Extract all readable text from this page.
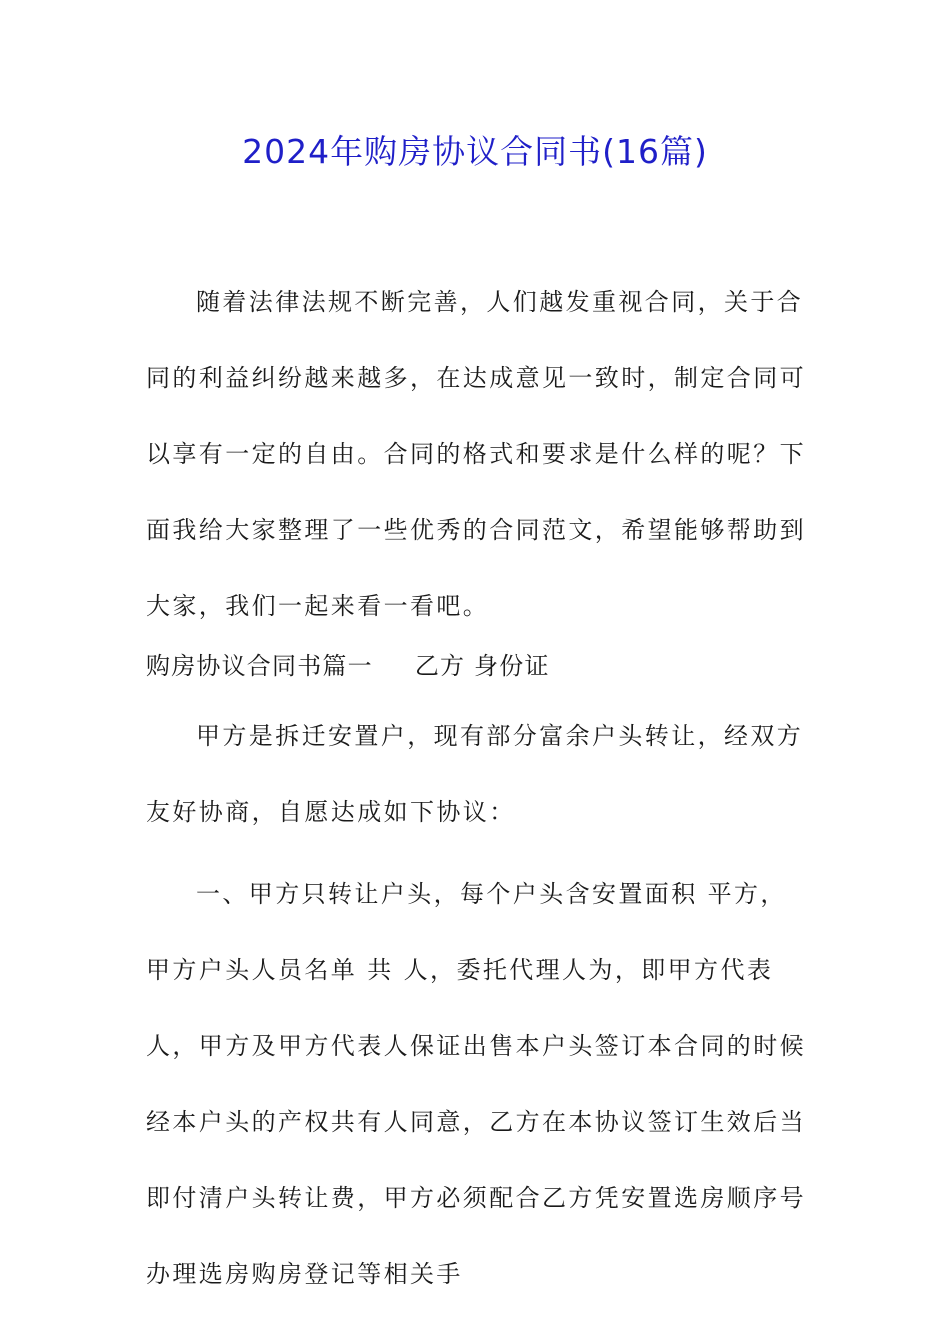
2024年购房协议合同书(16篇)

随着法律法规不断完善，人们越发重视合同，关于合同的利益纠纷越来越多，在达成意见一致时，制定合同可以享有一定的自由。合同的格式和要求是什么样的呢？下面我给大家整理了一些优秀的合同范文，希望能够帮助到大家，我们一起来看一看吧。

购房协议合同书篇一 乙方 身份证

甲方是拆迁安置户，现有部分富余户头转让，经双方友好协商，自愿达成如下协议：

一、甲方只转让户头，每个户头含安置面积 平方，甲方户头人员名单 共 人，委托代理人为，即甲方代表人，甲方及甲方代表人保证出售本户头签订本合同的时候经本户头的产权共有人同意，乙方在本协议签订生效后当即付清户头转让费，甲方必须配合乙方凭安置选房顺序号办理选房购房登记等相关手
